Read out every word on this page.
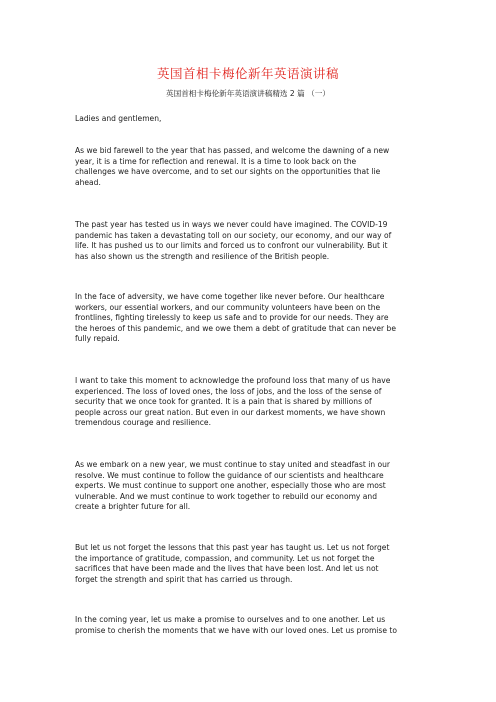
英国首相卡梅伦新年英语演讲稿
英国首相卡梅伦新年英语演讲稿精选 2 篇 （一）
Ladies and gentlemen,
As we bid farewell to the year that has passed, and welcome the dawning of a new
year, it is a time for reflection and renewal. It is a time to look back on the
challenges we have overcome, and to set our sights on the opportunities that lie
ahead.
The past year has tested us in ways we never could have imagined. The COVID-19
pandemic has taken a devastating toll on our society, our economy, and our way of
life. It has pushed us to our limits and forced us to confront our vulnerability. But it
has also shown us the strength and resilience of the British people.
In the face of adversity, we have come together like never before. Our healthcare
workers, our essential workers, and our community volunteers have been on the
frontlines, fighting tirelessly to keep us safe and to provide for our needs. They are
the heroes of this pandemic, and we owe them a debt of gratitude that can never be
fully repaid.
I want to take this moment to acknowledge the profound loss that many of us have
experienced. The loss of loved ones, the loss of jobs, and the loss of the sense of
security that we once took for granted. It is a pain that is shared by millions of
people across our great nation. But even in our darkest moments, we have shown
tremendous courage and resilience.
As we embark on a new year, we must continue to stay united and steadfast in our
resolve. We must continue to follow the guidance of our scientists and healthcare
experts. We must continue to support one another, especially those who are most
vulnerable. And we must continue to work together to rebuild our economy and
create a brighter future for all.
But let us not forget the lessons that this past year has taught us. Let us not forget
the importance of gratitude, compassion, and community. Let us not forget the
sacrifices that have been made and the lives that have been lost. And let us not
forget the strength and spirit that has carried us through.
In the coming year, let us make a promise to ourselves and to one another. Let us
promise to cherish the moments that we have with our loved ones. Let us promise to
